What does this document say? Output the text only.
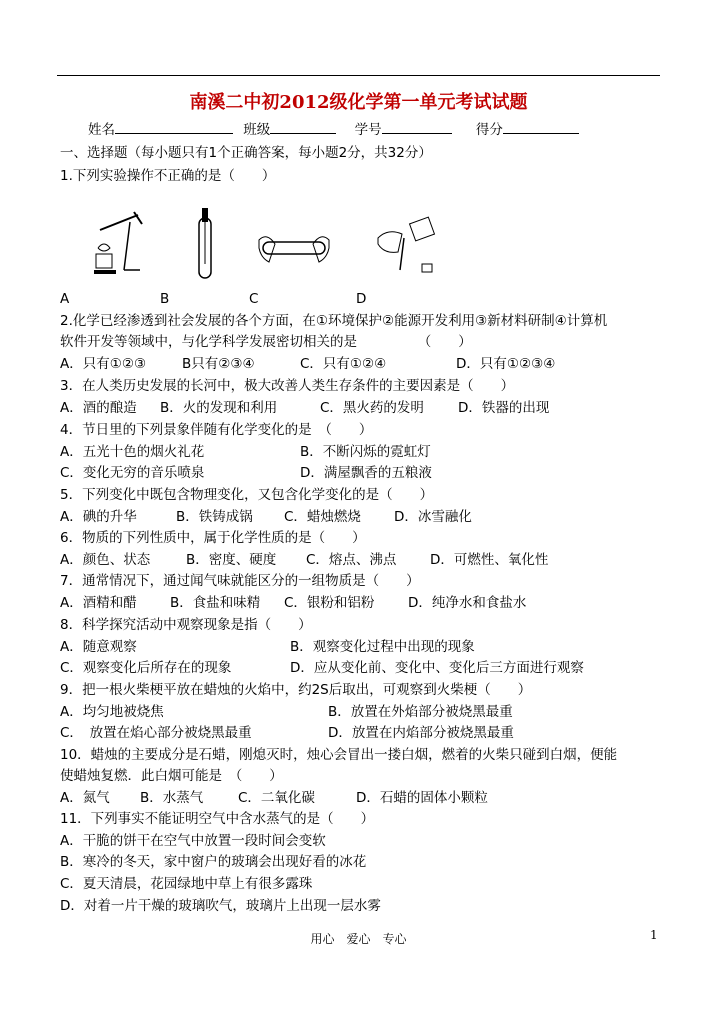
南溪二中初2012级化学第一单元考试试题
姓名	班级	学号	得分
一、选择题（每小题只有1个正确答案，每小题2分，共32分）
1.下列实验操作不正确的是（　　）
A	B	C	D
2.化学已经渗透到社会发展的各个方面，在①环境保护②能源开发利用③新材料研制④计算机
软件开发等领域中，与化学科学发展密切相关的是　　　　　（　　）
A．只有①②③	B只有②③④	C．只有①②④	D．只有①②③④
3．在人类历史发展的长河中，极大改善人类生存条件的主要因素是（　　）
A．酒的酿造 B．火的发现和利用	C．黑火药的发明	D．铁器的出现
4．节日里的下列景象伴随有化学变化的是　（　　）
A．五光十色的烟火礼花	B．不断闪烁的霓虹灯
C．变化无穷的音乐喷泉	D．满屋飘香的五粮液
5．下列变化中既包含物理变化，又包含化学变化的是（　　）
A．碘的升华	B．铁铸成锅 C．蜡烛燃烧 D．冰雪融化
6．物质的下列性质中，属于化学性质的是（　　）
A．颜色、状态	B．密度、硬度 C．熔点、沸点 D．可燃性、氧化性
7．通常情况下，通过闻气味就能区分的一组物质是（　　）
A．酒精和醋 B．食盐和味精 C．银粉和铝粉 D．纯净水和食盐水
8．科学探究活动中观察现象是指（　　）
A．随意观察	B．观察变化过程中出现的现象
C．观察变化后所存在的现象	D．应从变化前、变化中、变化后三方面进行观察
9．把一根火柴梗平放在蜡烛的火焰中，约2S后取出，可观察到火柴梗（　　）
A．均匀地被烧焦	B．放置在外焰部分被烧黑最重
C．　放置在焰心部分被烧黑最重	D．放置在内焰部分被烧黑最重
10．蜡烛的主要成分是石蜡，刚熄灭时，烛心会冒出一搂白烟，燃着的火柴只碰到白烟，便能
使蜡烛复燃．此白烟可能是　（　　）
A．氮气 B．水蒸气	C．二氧化碳	D．石蜡的固体小颗粒
11．下列事实不能证明空气中含水蒸气的是（　　）
A．干脆的饼干在空气中放置一段时间会变软
B．寒冷的冬天，家中窗户的玻璃会出现好看的冰花
C．夏天清晨，花园绿地中草上有很多露珠
D．对着一片干燥的玻璃吹气，玻璃片上出现一层水雾
用心　爱心　专心	1
